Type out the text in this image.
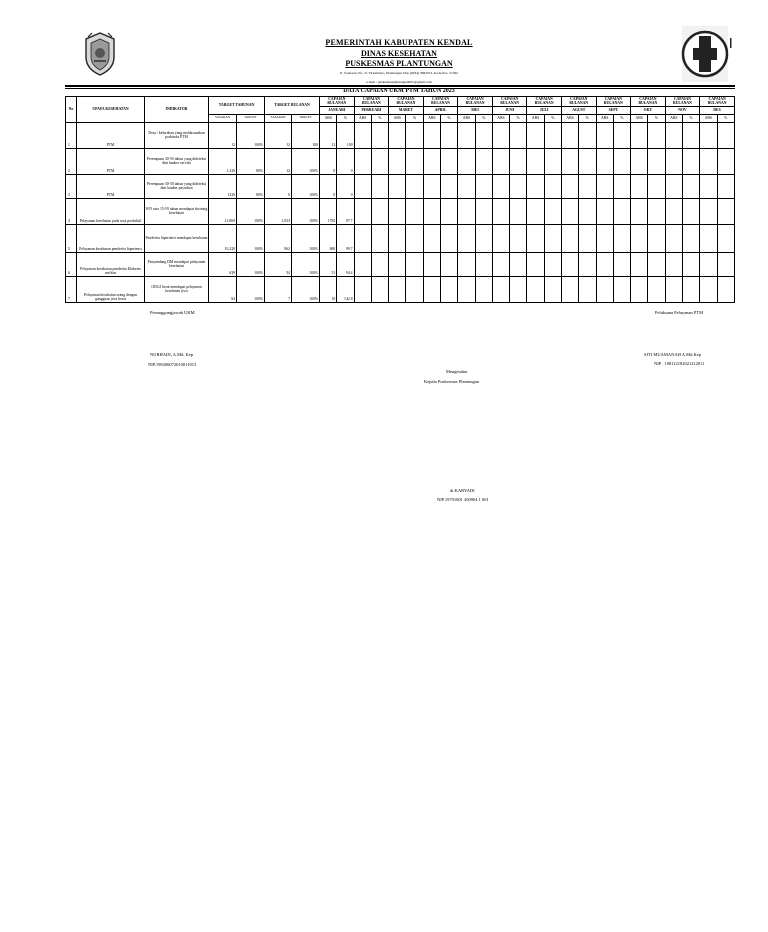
PEMERINTAH KABUPATEN KENDAL
DINAS KESEHATAN
PUSKESMAS PLANTUNGAN
Jl. Soekarno No. 21 Tirtomulyo, Plantungan Telp (0294) 3682013. Kode Pos. 51362
e-mail : puskesmasplantungan001@gmail.com
DATA CAPAIAN UKM PTM TAHUN 2023
No	UPAYA KESEHATAN	INDIKATOR	TARGET TAHUNAN		TARGET BULANAN		CAPAIAN BULANAN		CAPAIAN BULANAN		CAPAIAN BULANAN		CAPAIAN BULANAN		CAPAIAN BULANAN		CAPAIAN BULANAN		CAPAIAN BULANAN		CAPAIAN BULANAN		CAPAIAN BULANAN		CAPAIAN BULANAN		CAPAIAN BULANAN		CAPAIAN BULANAN	
							JANUARI		PEBRUARI		MARET		APRIL		MEI		JUNI		JULI		AGUST		SEPT		OKT		NOV		DES	
			SASARAN	TARGET	SASARAN	TARGET	ABS	%	ABS	%	ABS	%	ABS	%	ABS	%	ABS	%	ABS	%	ABS	%	ABS	%	ABS	%	ABS	%	ABS	%
1	PTM	Desa / kelurahan yang melaksanakan posbindu PTM	12	100%	12	100	12	100																						
2	PTM	Perempuan 30-50 tahun yang dideteksi dini kanker serviks	1,320	80%	12	100%	0	0																						
3	PTM	Perempuan 30-50 tahun yang dideteksi dini kanker payudara	1320	80%	0	100%	0	0																						
4	Pelayanan kesehatan pada usia produktif	WN usia 15-59 tahun mendapat skrining kesehatan	21,869	100%	1,823	100%	1782	97.7																						
5	Pelayanan kesehatan penderita hipertensi	Penderita hipertensi mendapat kesehatan	10,220	100%	862	100%	860	99.7																						
6	Pelayanan kesehatan penderita Diabetes melitus	Penyandang DM mendapat pelayanan kesehatan	639	100%	54	100%	51	94.4																						
7	Pelayanan kesehatan orang dengan gangguan jiwa berat	ODGJ berat mendapat pelayanan kesehatan jiwa	84	100%	7	100%	10	142.8																						
Penanggungjawab UKM	Pelaksana Pelayanan PTM
NURHADI, A.Md. Kep
NIP.198206072010011013
SITI MUAMANAH A.Md.Kep
NIP . 198112182021212011
Mengetahui
Kepala Puskesmas Plantungan
dr.KARYADI
NIP.19701001 200904 1 001
